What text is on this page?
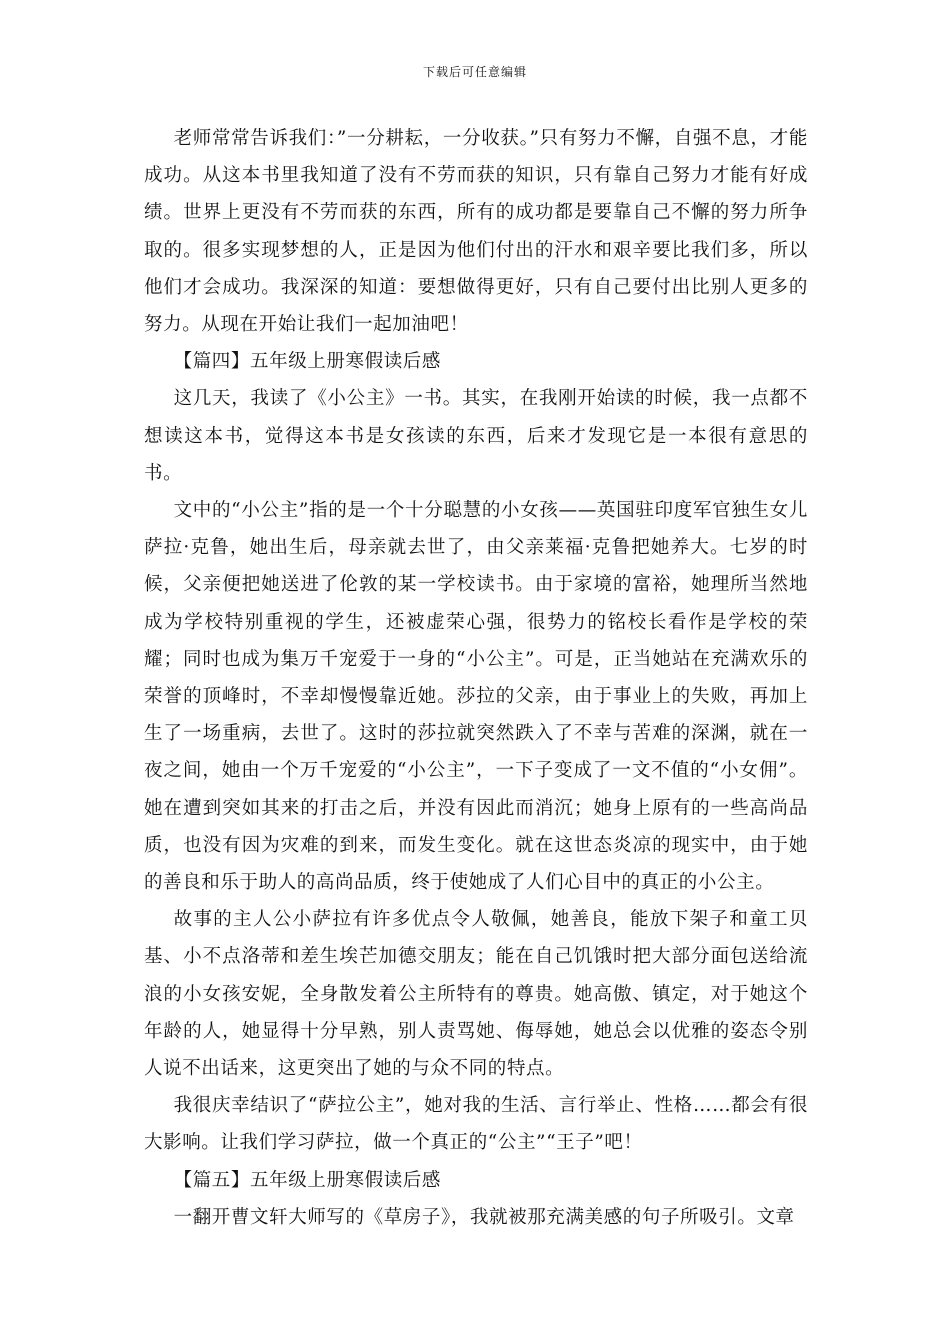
下载后可任意编辑

老师常常告诉我们：”一分耕耘，一分收获。”只有努力不懈，自强不息，才能成功。从这本书里我知道了没有不劳而获的知识，只有靠自己努力才能有好成绩。世界上更没有不劳而获的东西，所有的成功都是要靠自己不懈的努力所争取的。很多实现梦想的人，正是因为他们付出的汗水和艰辛要比我们多，所以他们才会成功。我深深的知道：要想做得更好，只有自己要付出比别人更多的努力。从现在开始让我们一起加油吧！

【篇四】五年级上册寒假读后感

这几天，我读了《小公主》一书。其实，在我刚开始读的时候，我一点都不想读这本书，觉得这本书是女孩读的东西，后来才发现它是一本很有意思的书。

文中的“小公主”指的是一个十分聪慧的小女孩——英国驻印度军官独生女儿萨拉·克鲁，她出生后，母亲就去世了，由父亲莱福·克鲁把她养大。七岁的时候，父亲便把她送进了伦敦的某一学校读书。由于家境的富裕，她理所当然地成为学校特别重视的学生，还被虚荣心强，很势力的铭校长看作是学校的荣耀；同时也成为集万千宠爱于一身的“小公主”。可是，正当她站在充满欢乐的荣誉的顶峰时，不幸却慢慢靠近她。莎拉的父亲，由于事业上的失败，再加上生了一场重病，去世了。这时的莎拉就突然跌入了不幸与苦难的深渊，就在一夜之间，她由一个万千宠爱的“小公主”，一下子变成了一文不值的“小女佣”。她在遭到突如其来的打击之后，并没有因此而消沉；她身上原有的一些高尚品质，也没有因为灾难的到来，而发生变化。就在这世态炎凉的现实中，由于她的善良和乐于助人的高尚品质，终于使她成了人们心目中的真正的小公主。

故事的主人公小萨拉有许多优点令人敬佩，她善良，能放下架子和童工贝基、小不点洛蒂和差生埃芒加德交朋友；能在自己饥饿时把大部分面包送给流浪的小女孩安妮，全身散发着公主所特有的尊贵。她高傲、镇定，对于她这个年龄的人，她显得十分早熟，别人责骂她、侮辱她，她总会以优雅的姿态令别人说不出话来，这更突出了她的与众不同的特点。

我很庆幸结识了“萨拉公主”，她对我的生活、言行举止、性格……都会有很大影响。让我们学习萨拉，做一个真正的“公主”“王子”吧！

【篇五】五年级上册寒假读后感

一翻开曹文轩大师写的《草房子》，我就被那充满美感的句子所吸引。文章
